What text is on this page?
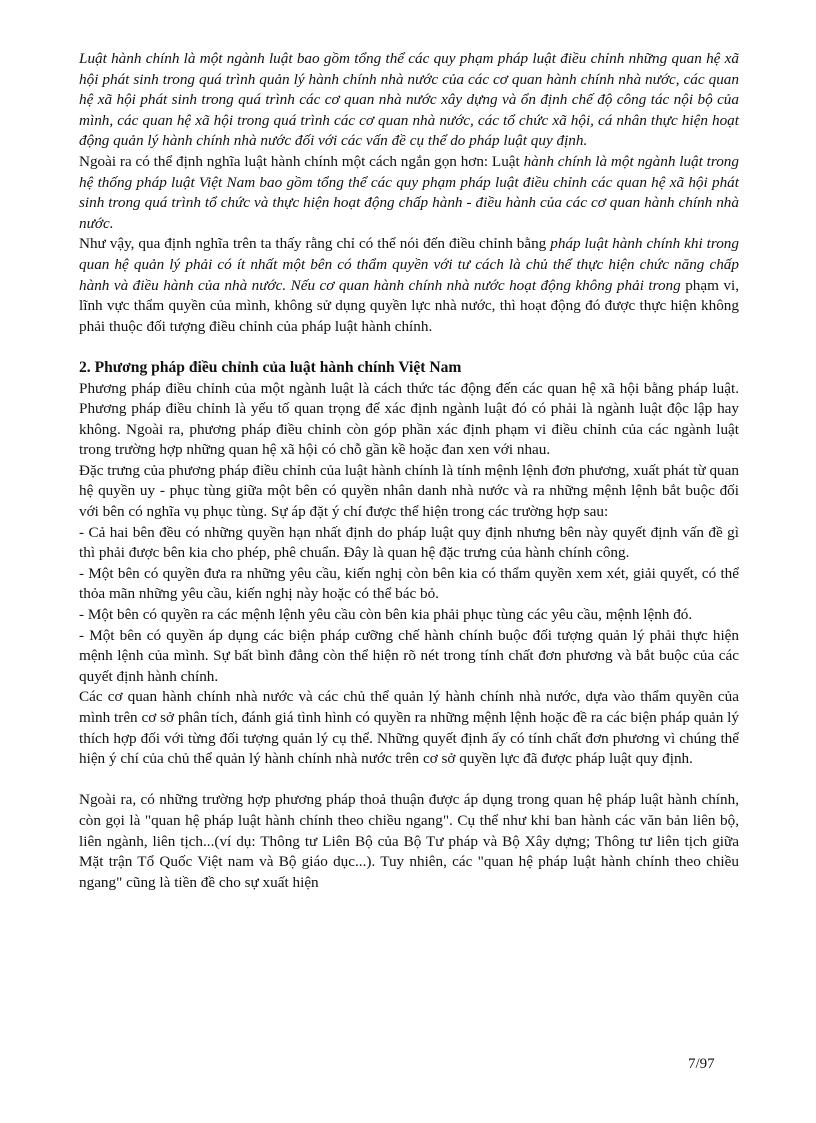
Luật hành chính là một ngành luật bao gồm tổng thể các quy phạm pháp luật điều chỉnh những quan hệ xã hội phát sinh trong quá trình quản lý hành chính nhà nước của các cơ quan hành chính nhà nước, các quan hệ xã hội phát sinh trong quá trình các cơ quan nhà nước xây dựng và ổn định chế độ công tác nội bộ của mình, các quan hệ xã hội trong quá trình các cơ quan nhà nước, các tổ chức xã hội, cá nhân thực hiện hoạt động quản lý hành chính nhà nước đối với các vấn đề cụ thể do pháp luật quy định.

Ngoài ra có thể định nghĩa luật hành chính một cách ngắn gọn hơn: Luật hành chính là một ngành luật trong hệ thống pháp luật Việt Nam bao gồm tổng thể các quy phạm pháp luật điều chỉnh các quan hệ xã hội phát sinh trong quá trình tổ chức và thực hiện hoạt động chấp hành - điều hành của các cơ quan hành chính nhà nước.

Như vậy, qua định nghĩa trên ta thấy rằng chỉ có thể nói đến điều chỉnh bằng pháp luật hành chính khi trong quan hệ quản lý phải có ít nhất một bên có thẩm quyền với tư cách là chủ thể thực hiện chức năng chấp hành và điều hành của nhà nước. Nếu cơ quan hành chính nhà nước hoạt động không phải trong phạm vi, lĩnh vực thẩm quyền của mình, không sử dụng quyền lực nhà nước, thì hoạt động đó được thực hiện không phải thuộc đối tượng điều chỉnh của pháp luật hành chính.

2. Phương pháp điều chỉnh của luật hành chính Việt Nam

Phương pháp điều chỉnh của một ngành luật là cách thức tác động đến các quan hệ xã hội bằng pháp luật. Phương pháp điều chỉnh là yếu tố quan trọng để xác định ngành luật đó có phải là ngành luật độc lập hay không. Ngoài ra, phương pháp điều chỉnh còn góp phần xác định phạm vi điều chỉnh của các ngành luật trong trường hợp những quan hệ xã hội có chỗ gần kề hoặc đan xen với nhau.

Đặc trưng của phương pháp điều chỉnh của luật hành chính là tính mệnh lệnh đơn phương, xuất phát từ quan hệ quyền uy - phục tùng giữa một bên có quyền nhân danh nhà nước và ra những mệnh lệnh bắt buộc đối với bên có nghĩa vụ phục tùng. Sự áp đặt ý chí được thể hiện trong các trường hợp sau:

- Cả hai bên đều có những quyền hạn nhất định do pháp luật quy định nhưng bên này quyết định vấn đề gì thì phải được bên kia cho phép, phê chuẩn. Đây là quan hệ đặc trưng của hành chính công.

- Một bên có quyền đưa ra những yêu cầu, kiến nghị còn bên kia có thẩm quyền xem xét, giải quyết, có thể thỏa mãn những yêu cầu, kiến nghị này hoặc có thể bác bỏ.

- Một bên có quyền ra các mệnh lệnh yêu cầu còn bên kia phải phục tùng các yêu cầu, mệnh lệnh đó.

- Một bên có quyền áp dụng các biện pháp cưỡng chế hành chính buộc đối tượng quản lý phải thực hiện mệnh lệnh của mình. Sự bất bình đẳng còn thể hiện rõ nét trong tính chất đơn phương và bắt buộc của các quyết định hành chính.

Các cơ quan hành chính nhà nước và các chủ thể quản lý hành chính nhà nước, dựa vào thẩm quyền của mình trên cơ sở phân tích, đánh giá tình hình có quyền ra những mệnh lệnh hoặc đề ra các biện pháp quản lý thích hợp đối với từng đối tượng quản lý cụ thể. Những quyết định ấy có tính chất đơn phương vì chúng thể hiện ý chí của chủ thể quản lý hành chính nhà nước trên cơ sở quyền lực đã được pháp luật quy định.

Ngoài ra, có những trường hợp phương pháp thoả thuận được áp dụng trong quan hệ pháp luật hành chính, còn gọi là "quan hệ pháp luật hành chính theo chiều ngang". Cụ thể như khi ban hành các văn bản liên bộ, liên ngành, liên tịch...(ví dụ: Thông tư Liên Bộ của Bộ Tư pháp và Bộ Xây dựng; Thông tư liên tịch giữa Mặt trận Tổ Quốc Việt nam và Bộ giáo dục...). Tuy nhiên, các "quan hệ pháp luật hành chính theo chiều ngang" cũng là tiền đề cho sự xuất hiện

7/97
